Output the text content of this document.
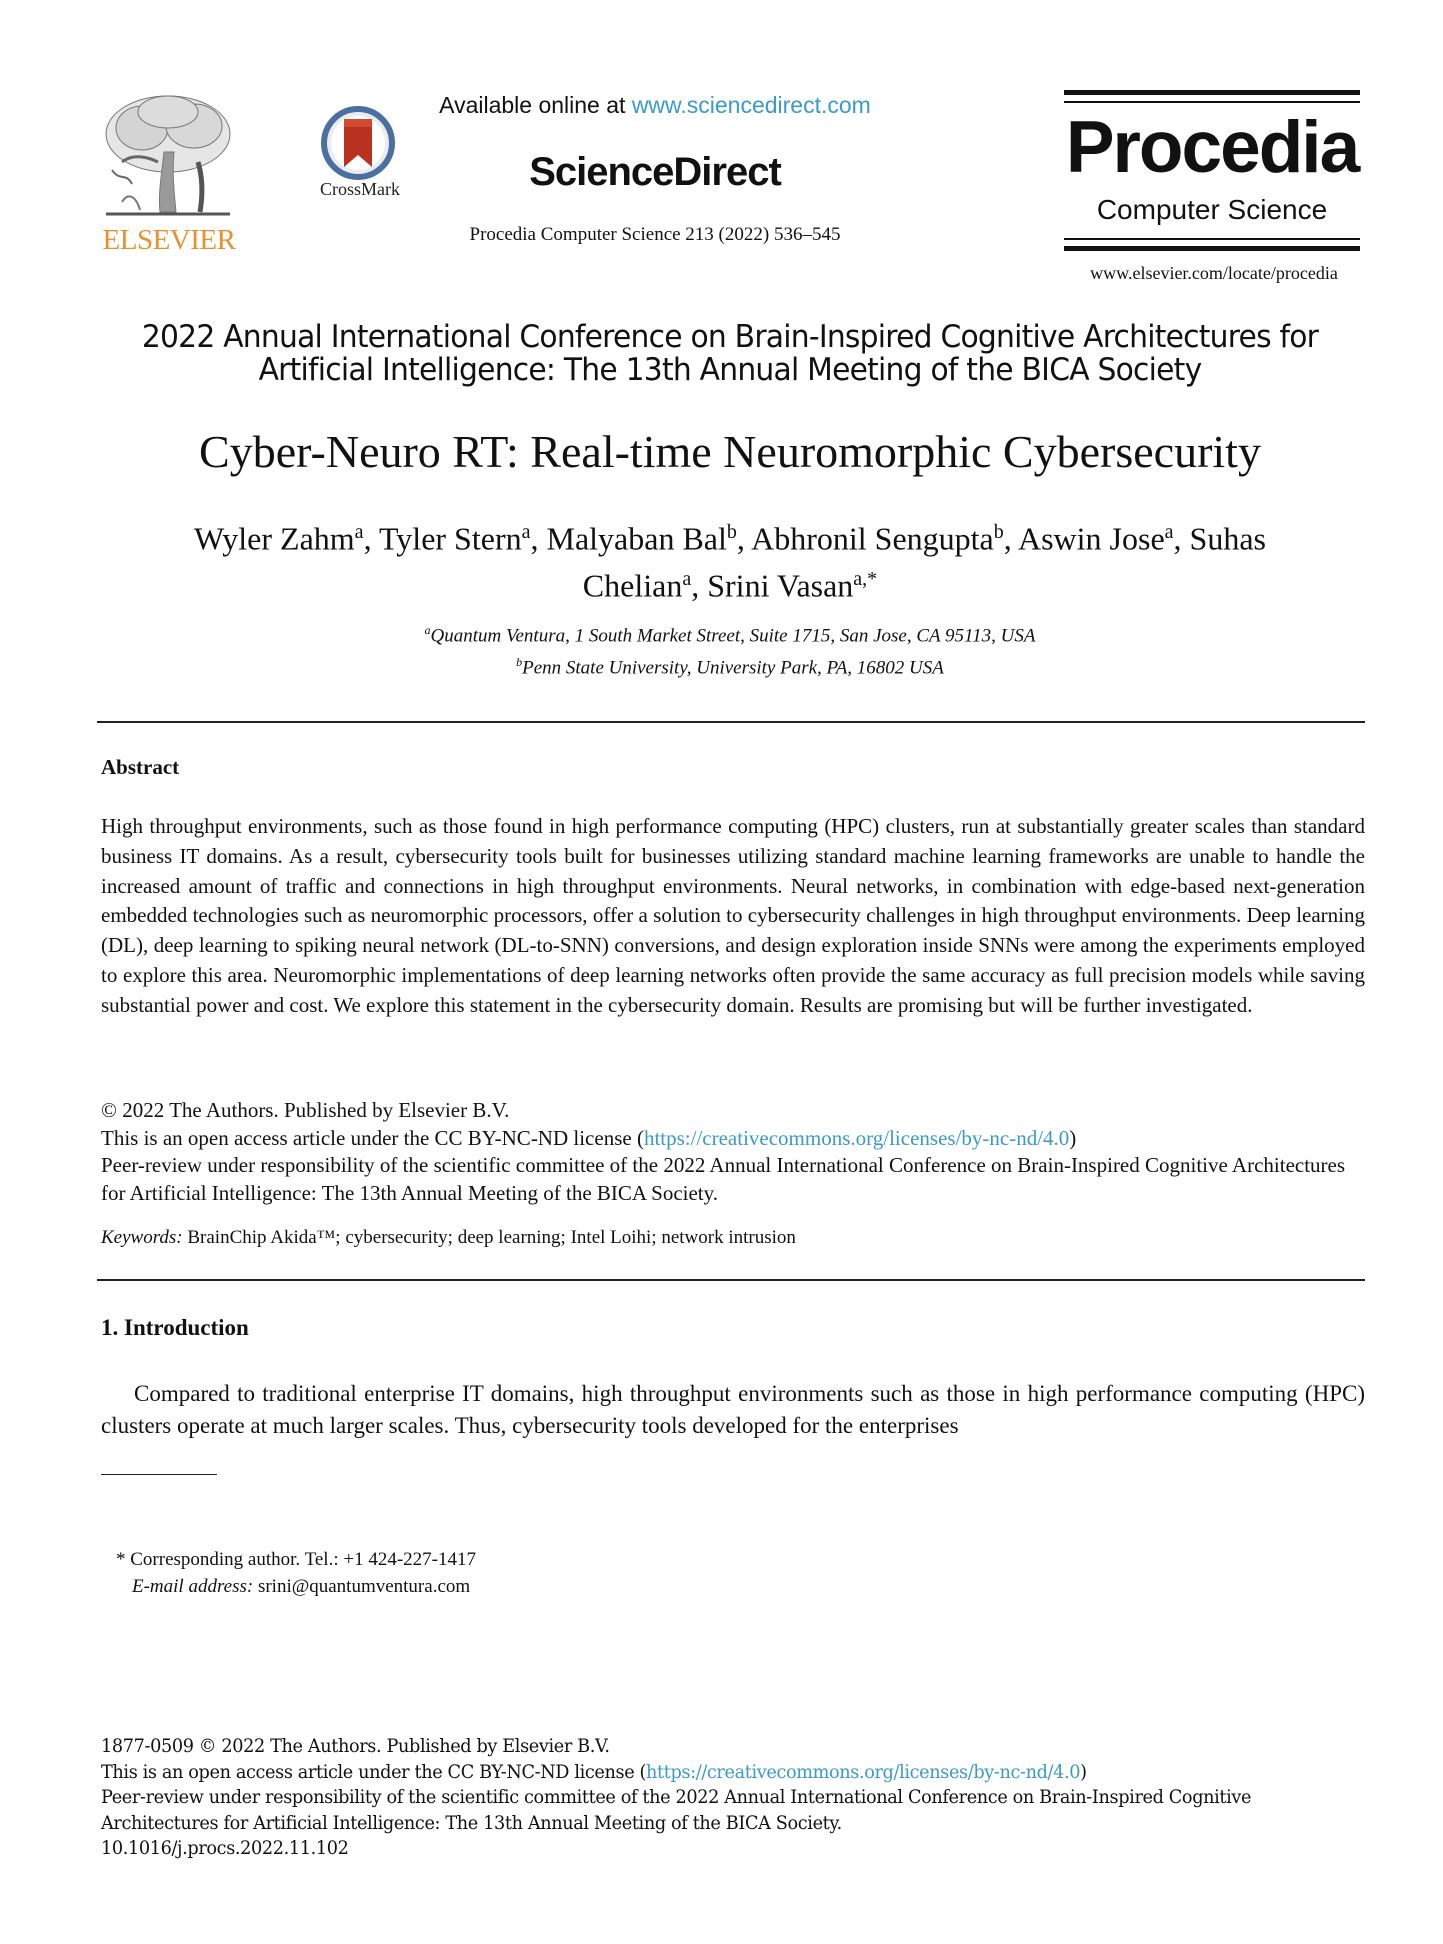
ELSEVIER
CrossMark
Available online at www.sciencedirect.com
ScienceDirect
Procedia Computer Science 213 (2022) 536–545
Procedia
Computer Science
www.elsevier.com/locate/procedia
2022 Annual International Conference on Brain-Inspired Cognitive Architectures for
Artificial Intelligence: The 13th Annual Meeting of the BICA Society
Cyber-Neuro RT: Real-time Neuromorphic Cybersecurity
Wyler Zahm$^a$, Tyler Stern$^a$, Malyaban Bal$^b$, Abhronil Sengupta$^b$, Aswin Jose$^a$, Suhas
Chelian$^a$, Srini Vasan$^{a,*}$
$^a$Quantum Ventura, 1 South Market Street, Suite 1715, San Jose, CA 95113, USA
$^b$Penn State University, University Park, PA, 16802 USA
Abstract
High throughput environments, such as those found in high performance computing (HPC) clusters, run at substantially greater scales than standard business IT domains. As a result, cybersecurity tools built for businesses utilizing standard machine learning frameworks are unable to handle the increased amount of traffic and connections in high throughput environments. Neural networks, in combination with edge-based next-generation embedded technologies such as neuromorphic processors, offer a solution to cybersecurity challenges in high throughput environments. Deep learning (DL), deep learning to spiking neural network (DL-to-SNN) conversions, and design exploration inside SNNs were among the experiments employed to explore this area. Neuromorphic implementations of deep learning networks often provide the same accuracy as full precision models while saving substantial power and cost. We explore this statement in the cybersecurity domain. Results are promising but will be further investigated.
© 2022 The Authors. Published by Elsevier B.V.
This is an open access article under the CC BY-NC-ND license (https://creativecommons.org/licenses/by-nc-nd/4.0)
Peer-review under responsibility of the scientific committee of the 2022 Annual International Conference on Brain-Inspired Cognitive Architectures for Artificial Intelligence: The 13th Annual Meeting of the BICA Society.
Keywords: BrainChip Akida™; cybersecurity; deep learning; Intel Loihi; network intrusion
1. Introduction
Compared to traditional enterprise IT domains, high throughput environments such as those in high performance computing (HPC) clusters operate at much larger scales. Thus, cybersecurity tools developed for the enterprises
* Corresponding author. Tel.: +1 424-227-1417
E-mail address: srini@quantumventura.com
1877-0509 © 2022 The Authors. Published by Elsevier B.V.
This is an open access article under the CC BY-NC-ND license (https://creativecommons.org/licenses/by-nc-nd/4.0)
Peer-review under responsibility of the scientific committee of the 2022 Annual International Conference on Brain-Inspired Cognitive
Architectures for Artificial Intelligence: The 13th Annual Meeting of the BICA Society.
10.1016/j.procs.2022.11.102
